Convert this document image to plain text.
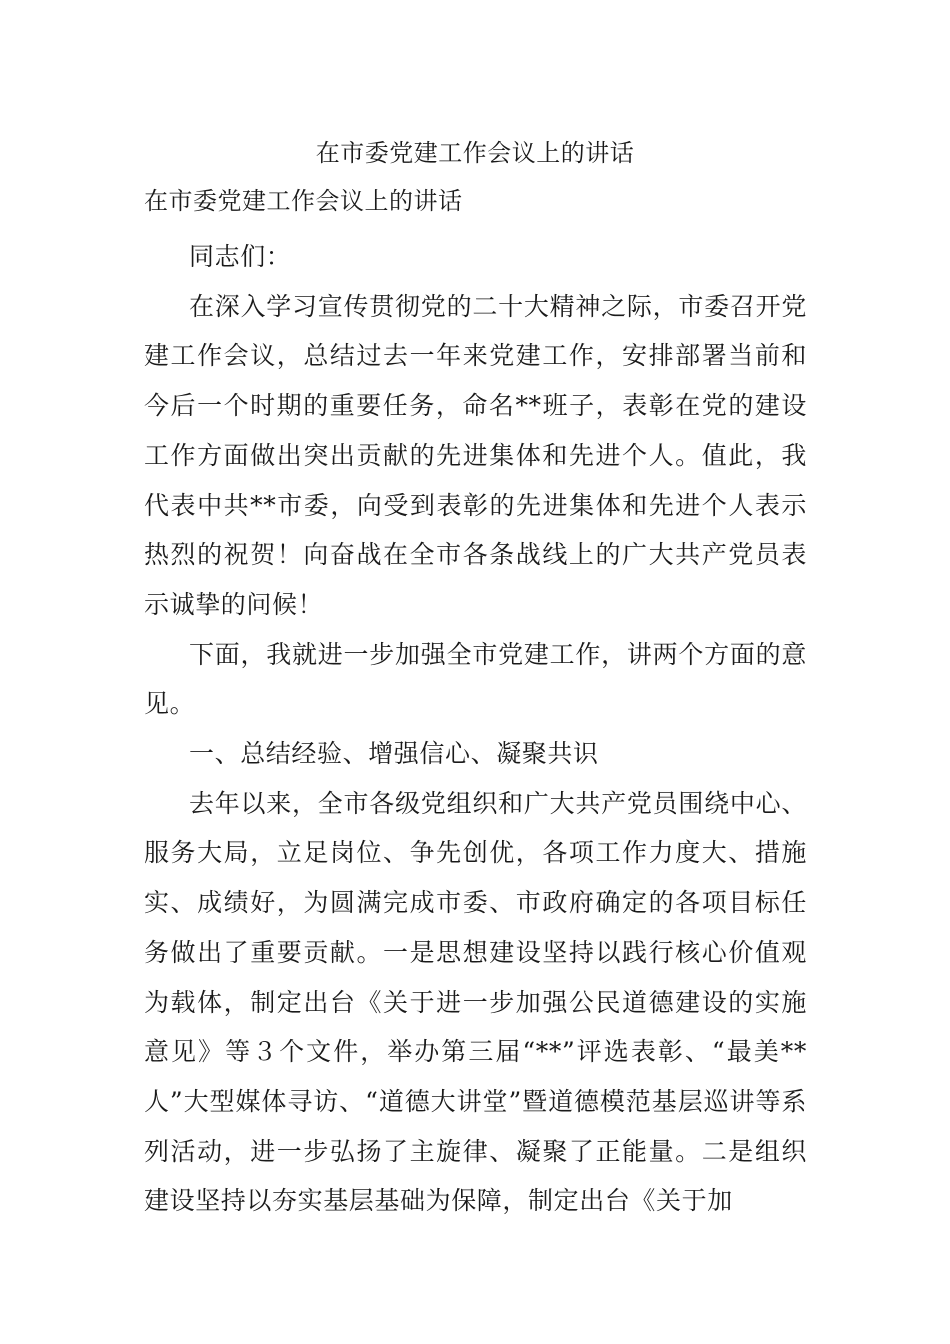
在市委党建工作会议上的讲话
在市委党建工作会议上的讲话

同志们：

在深入学习宣传贯彻党的二十大精神之际，市委召开党建工作会议，总结过去一年来党建工作，安排部署当前和今后一个时期的重要任务，命名**班子，表彰在党的建设工作方面做出突出贡献的先进集体和先进个人。值此，我代表中共**市委，向受到表彰的先进集体和先进个人表示热烈的祝贺！向奋战在全市各条战线上的广大共产党员表示诚挚的问候！

下面，我就进一步加强全市党建工作，讲两个方面的意见。

一、总结经验、增强信心、凝聚共识

去年以来，全市各级党组织和广大共产党员围绕中心、服务大局，立足岗位、争先创优，各项工作力度大、措施实、成绩好，为圆满完成市委、市政府确定的各项目标任务做出了重要贡献。一是思想建设坚持以践行核心价值观为载体，制定出台《关于进一步加强公民道德建设的实施意见》等３个文件，举办第三届“**”评选表彰、“最美**人”大型媒体寻访、“道德大讲堂”暨道德模范基层巡讲等系列活动，进一步弘扬了主旋律、凝聚了正能量。二是组织建设坚持以夯实基层基础为保障，制定出台《关于加
